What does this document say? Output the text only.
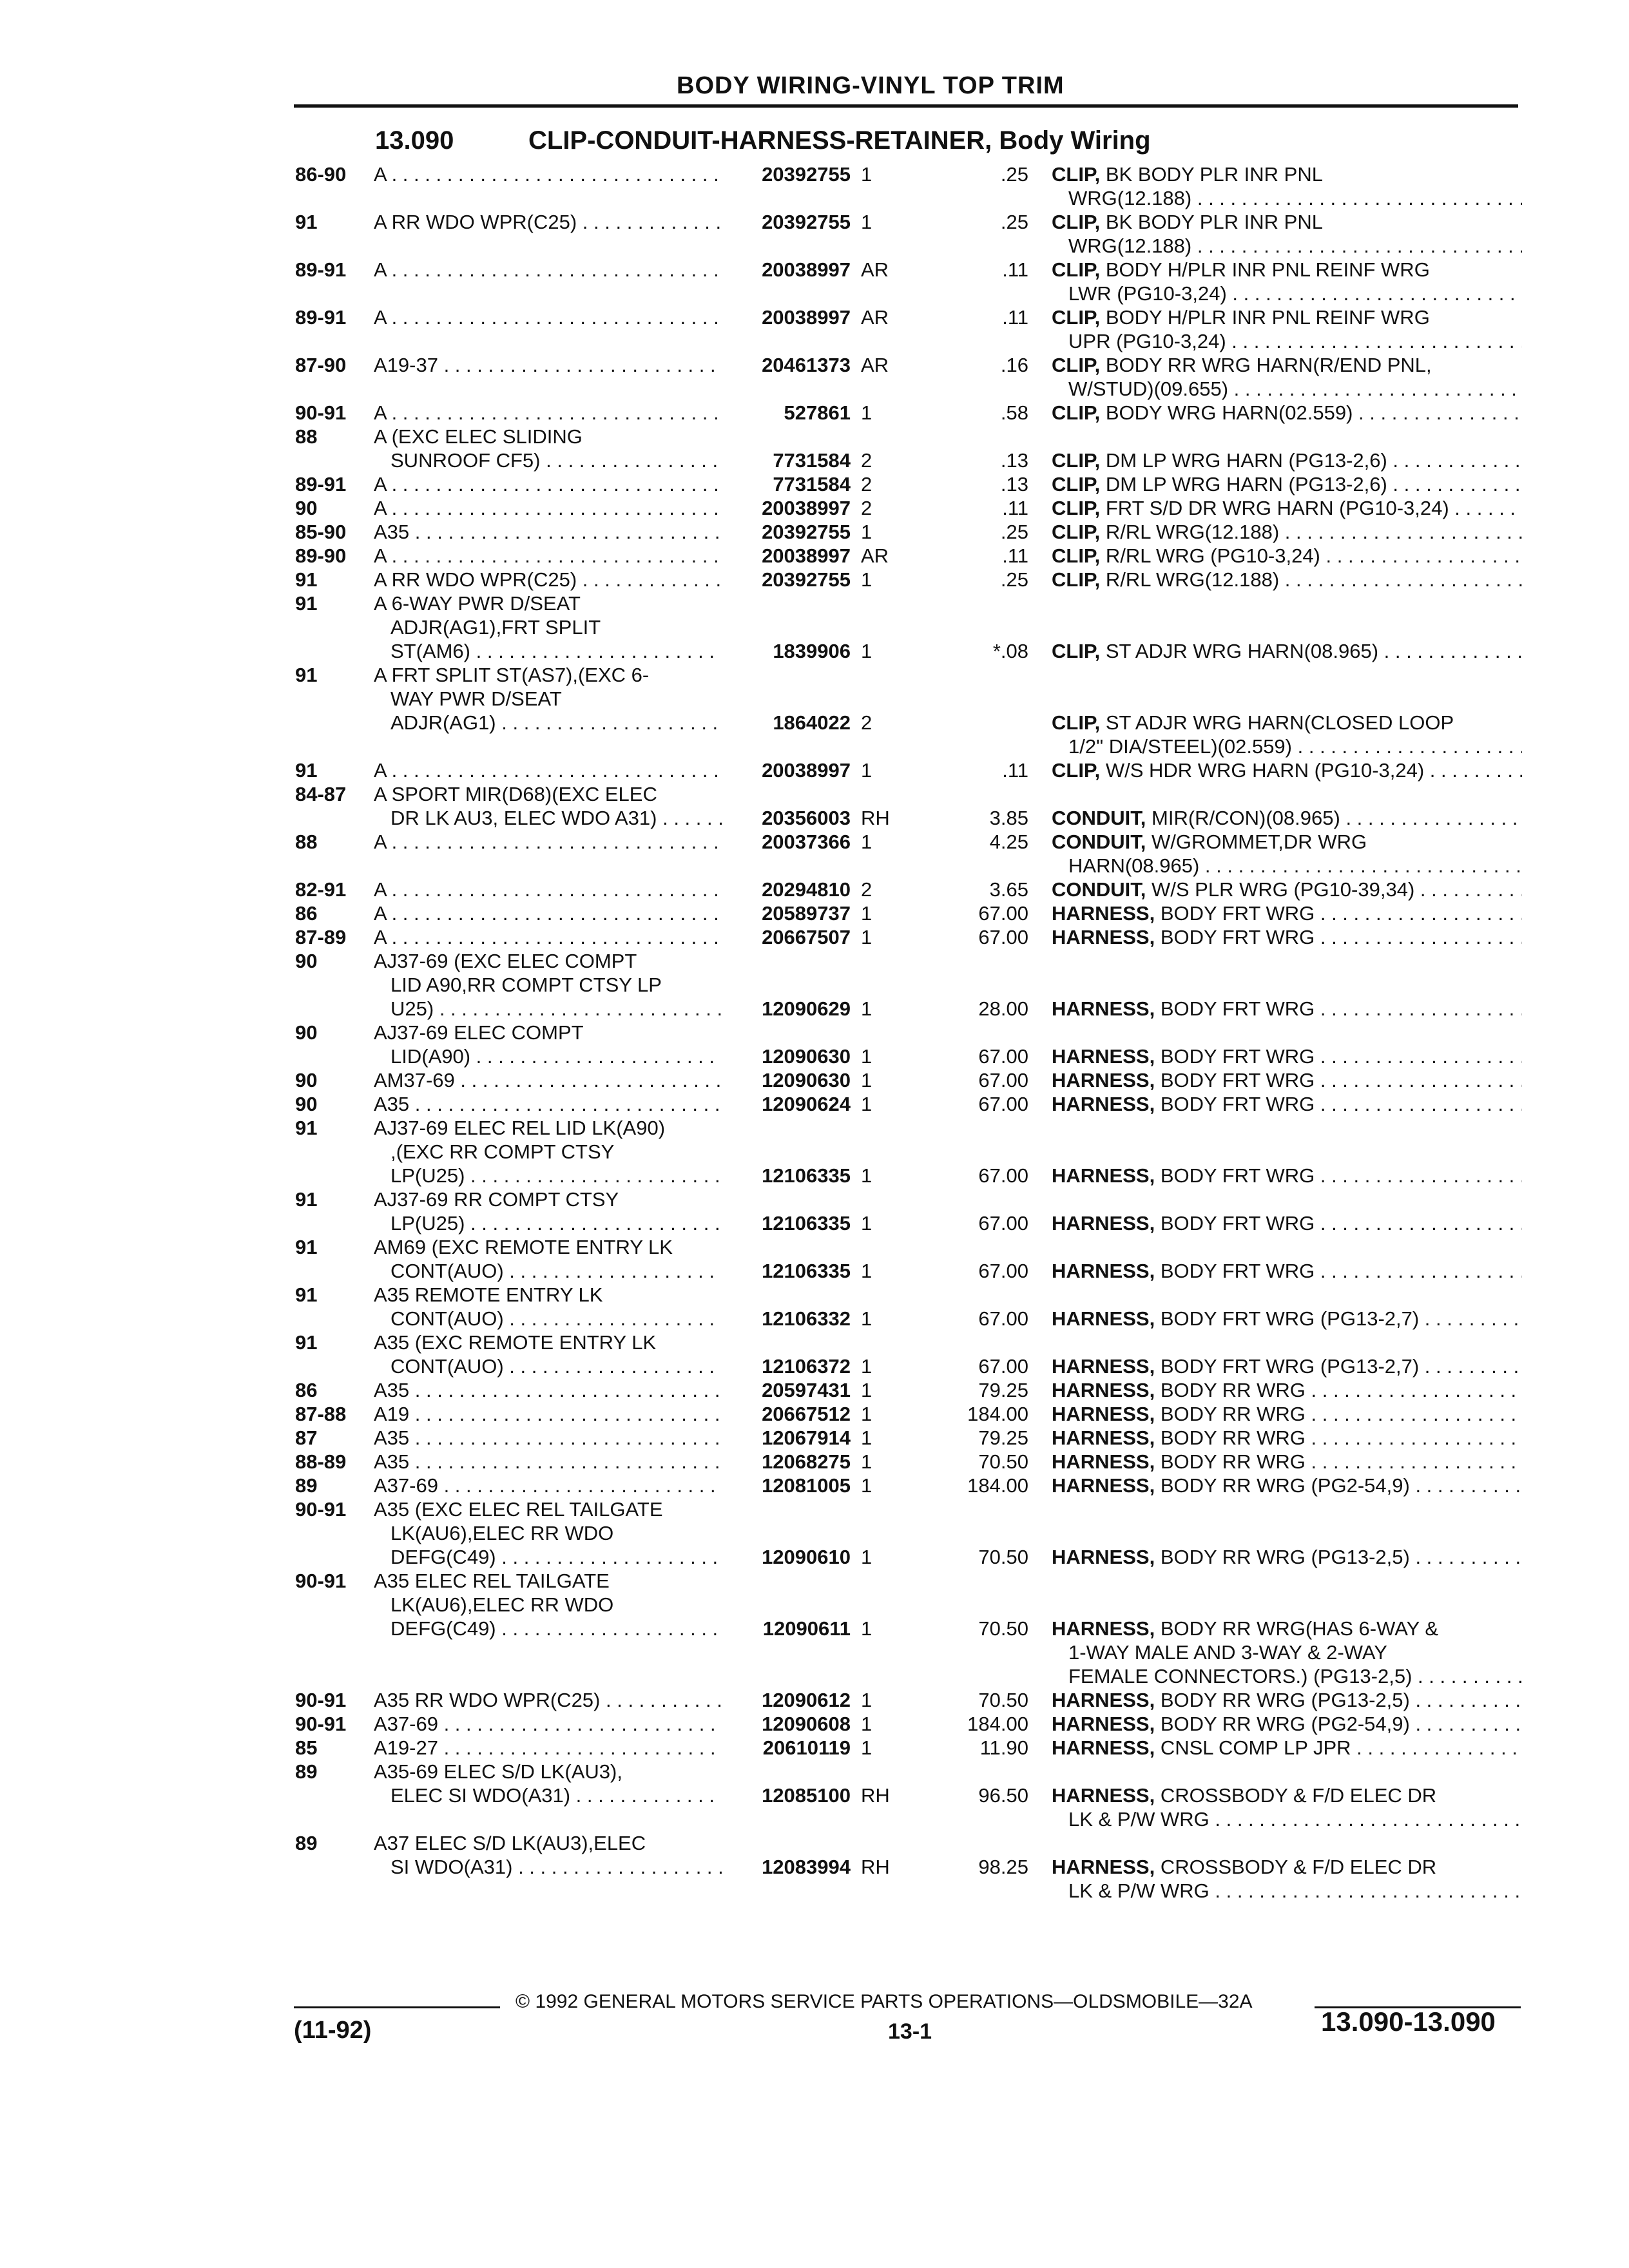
BODY WIRING-VINYL TOP TRIM
13.090	CLIP-CONDUIT-HARNESS-RETAINER, Body Wiring
86-90 A . . .	20392755 1	.25 CLIP, BK BODY PLR INR PNL
WRG(12.188) . . .
91	A RR WDO WPR(C25) . . .	20392755 1	.25 CLIP, BK BODY PLR INR PNL
WRG(12.188) . . .
89-91 A . . .	20038997 AR	.11 CLIP, BODY H/PLR INR PNL REINF WRG
LWR (PG10-3,24) . . .
89-91 A . . .	20038997 AR	.11 CLIP, BODY H/PLR INR PNL REINF WRG
UPR (PG10-3,24) . . .
87-90 A19-37 . . .	20461373 AR	.16 CLIP, BODY RR WRG HARN(R/END PNL,
W/STUD)(09.655) . . .
90-91 A . . .	527861 1	.58 CLIP, BODY WRG HARN(02.559) . . .
88	A (EXC ELEC SLIDING
SUNROOF CF5) . . .	7731584 2	.13 CLIP, DM LP WRG HARN (PG13-2,6) . . .
89-91 A . . .	7731584 2	.13 CLIP, DM LP WRG HARN (PG13-2,6) . . .
90	A . . .	20038997 2	.11 CLIP, FRT S/D DR WRG HARN (PG10-3,24) . . .
85-90 A35 . . .	20392755 1	.25 CLIP, R/RL WRG(12.188) . . .
89-90 A . . .	20038997 AR	.11 CLIP, R/RL WRG (PG10-3,24) . . .
91	A RR WDO WPR(C25) . . .	20392755 1	.25 CLIP, R/RL WRG(12.188) . . .
91	A 6-WAY PWR D/SEAT
ADJR(AG1),FRT SPLIT
ST(AM6) . . .	1839906 1	*.08 CLIP, ST ADJR WRG HARN(08.965) . . .
91	A FRT SPLIT ST(AS7),(EXC 6-
WAY PWR D/SEAT
ADJR(AG1) . . .	1864022 2	CLIP, ST ADJR WRG HARN(CLOSED LOOP
1/2" DIA/STEEL)(02.559) . . .
91	A . . .	20038997 1	.11 CLIP, W/S HDR WRG HARN (PG10-3,24) . . .
84-87 A SPORT MIR(D68)(EXC ELEC
DR LK AU3, ELEC WDO A31) . . .	20356003 RH	3.85 CONDUIT, MIR(R/CON)(08.965) . . .
88	A . . .	20037366 1	4.25 CONDUIT, W/GROMMET,DR WRG
HARN(08.965) . . .
82-91 A . . .	20294810 2	3.65 CONDUIT, W/S PLR WRG (PG10-39,34) . . .
86	A . . .	20589737 1	67.00 HARNESS, BODY FRT WRG . . .
87-89 A . . .	20667507 1	67.00 HARNESS, BODY FRT WRG . . .
90	AJ37-69 (EXC ELEC COMPT
LID A90,RR COMPT CTSY LP
U25) . . .	12090629 1	28.00 HARNESS, BODY FRT WRG . . .
90	AJ37-69 ELEC COMPT
LID(A90) . . .	12090630 1	67.00 HARNESS, BODY FRT WRG . . .
90	AM37-69 . . .	12090630 1	67.00 HARNESS, BODY FRT WRG . . .
90	A35 . . .	12090624 1	67.00 HARNESS, BODY FRT WRG . . .
91	AJ37-69 ELEC REL LID LK(A90)
,(EXC RR COMPT CTSY
LP(U25) . . .	12106335 1	67.00 HARNESS, BODY FRT WRG . . .
91	AJ37-69 RR COMPT CTSY
LP(U25) . . .	12106335 1	67.00 HARNESS, BODY FRT WRG . . .
91	AM69 (EXC REMOTE ENTRY LK
CONT(AUO) . . .	12106335 1	67.00 HARNESS, BODY FRT WRG . . .
91	A35 REMOTE ENTRY LK
CONT(AUO) . . .	12106332 1	67.00 HARNESS, BODY FRT WRG (PG13-2,7) . . .
91	A35 (EXC REMOTE ENTRY LK
CONT(AUO) . . .	12106372 1	67.00 HARNESS, BODY FRT WRG (PG13-2,7) . . .
86	A35 . . .	20597431 1	79.25 HARNESS, BODY RR WRG . . .
87-88 A19 . . .	20667512 1	184.00 HARNESS, BODY RR WRG . . .
87	A35 . . .	12067914 1	79.25 HARNESS, BODY RR WRG . . .
88-89 A35 . . .	12068275 1	70.50 HARNESS, BODY RR WRG . . .
89	A37-69 . . .	12081005 1	184.00 HARNESS, BODY RR WRG (PG2-54,9) . . .
90-91 A35 (EXC ELEC REL TAILGATE
LK(AU6),ELEC RR WDO
DEFG(C49) . . .	12090610 1	70.50 HARNESS, BODY RR WRG (PG13-2,5) . . .
90-91 A35 ELEC REL TAILGATE
LK(AU6),ELEC RR WDO
DEFG(C49) . . .	12090611 1	70.50 HARNESS, BODY RR WRG(HAS 6-WAY &
1-WAY MALE AND 3-WAY & 2-WAY
FEMALE CONNECTORS.) (PG13-2,5) . . .
90-91 A35 RR WDO WPR(C25) . . .	12090612 1	70.50 HARNESS, BODY RR WRG (PG13-2,5) . . .
90-91 A37-69 . . .	12090608 1	184.00 HARNESS, BODY RR WRG (PG2-54,9) . . .
85	A19-27 . . .	20610119 1	11.90 HARNESS, CNSL COMP LP JPR . . .
89	A35-69 ELEC S/D LK(AU3),
ELEC SI WDO(A31) . . .	12085100 RH	96.50 HARNESS, CROSSBODY & F/D ELEC DR
LK & P/W WRG . . .
89	A37 ELEC S/D LK(AU3),ELEC
SI WDO(A31) . . .	12083994 RH	98.25 HARNESS, CROSSBODY & F/D ELEC DR
LK & P/W WRG . . .
© 1992 GENERAL MOTORS SERVICE PARTS OPERATIONS—OLDSMOBILE—32A
(11-92)	13-1	13.090-13.090
